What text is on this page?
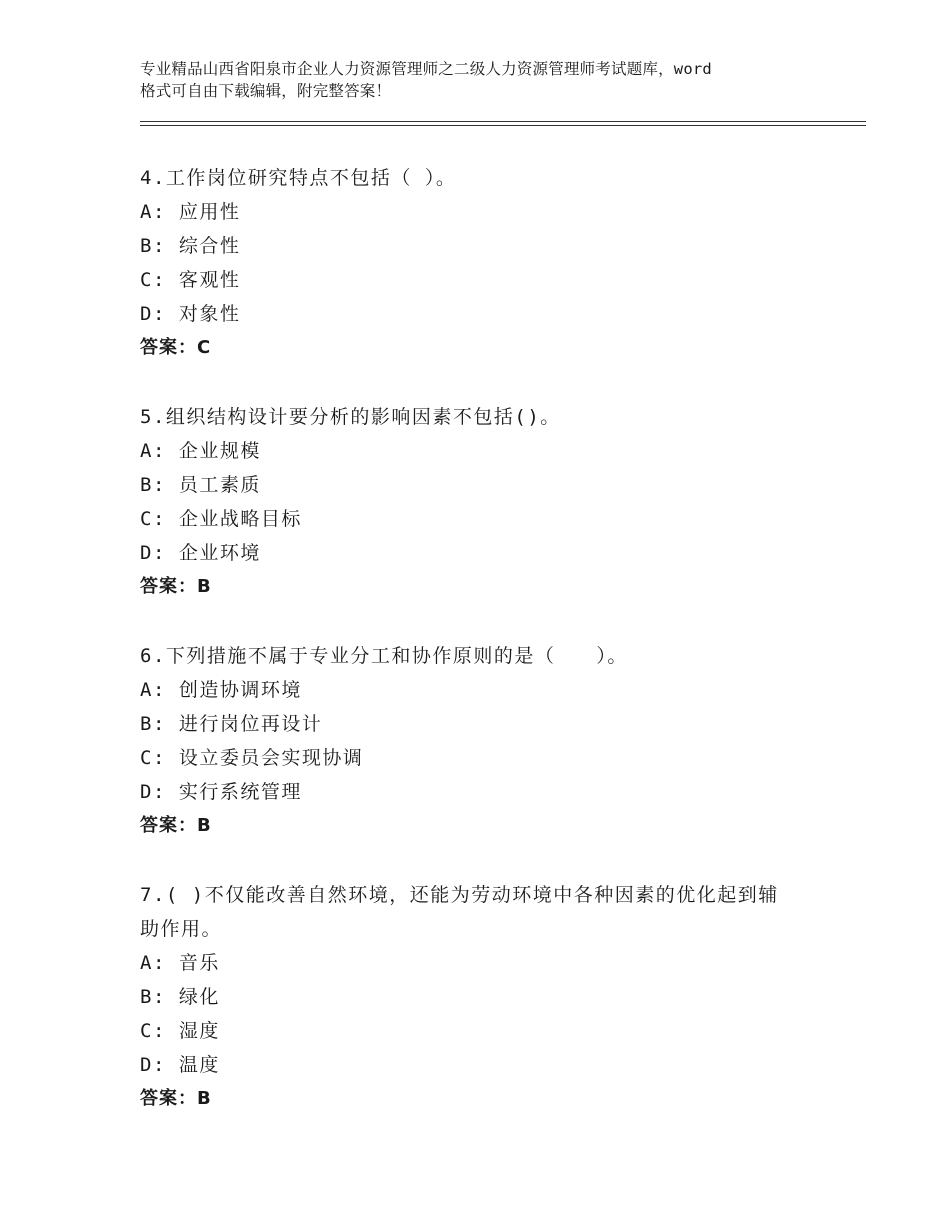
专业精品山西省阳泉市企业人力资源管理师之二级人力资源管理师考试题库，word
格式可自由下载编辑，附完整答案！
4.工作岗位研究特点不包括（ ）。
A: 应用性
B: 综合性
C: 客观性
D: 对象性
答案：C
5.组织结构设计要分析的影响因素不包括()。
A: 企业规模
B: 员工素质
C: 企业战略目标
D: 企业环境
答案：B
6.下列措施不属于专业分工和协作原则的是（　　）。
A: 创造协调环境
B: 进行岗位再设计
C: 设立委员会实现协调
D: 实行系统管理
答案：B
7.( )不仅能改善自然环境，还能为劳动环境中各种因素的优化起到辅
助作用。
A: 音乐
B: 绿化
C: 湿度
D: 温度
答案：B
